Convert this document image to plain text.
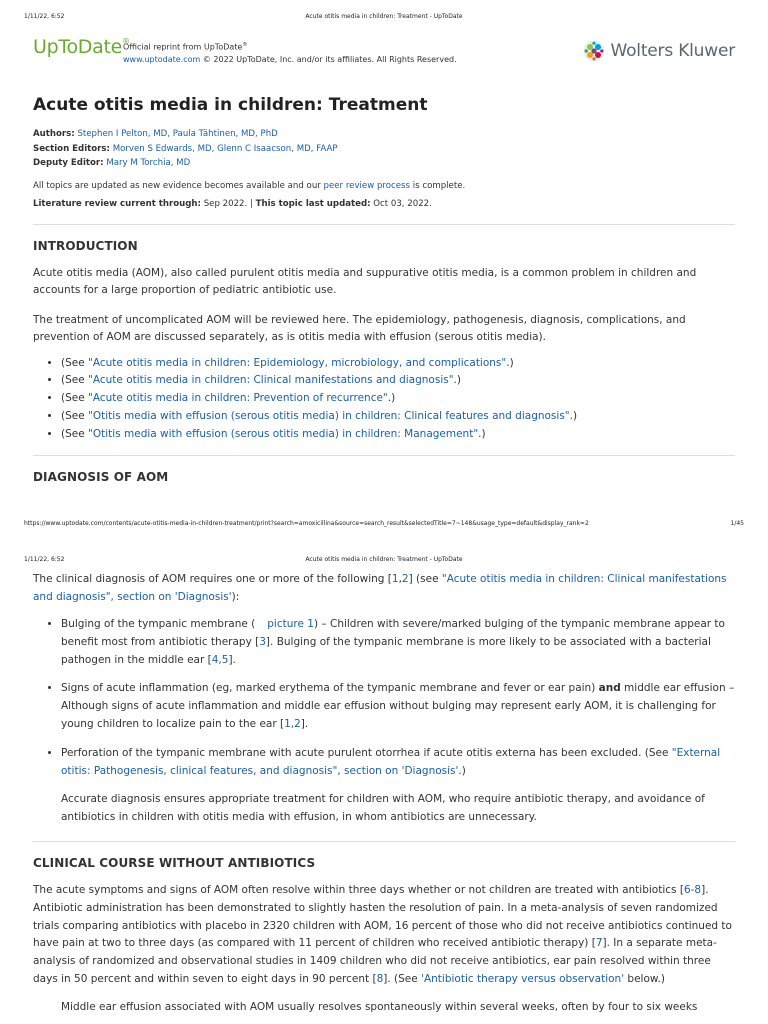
1/11/22, 6:52	Acute otitis media in children: Treatment - UpToDate
UpToDate®
Official reprint from UpToDate®
www.uptodate.com © 2022 UpToDate, Inc. and/or its affiliates. All Rights Reserved.	Wolters Kluwer
Acute otitis media in children: Treatment
Authors: Stephen I Pelton, MD, Paula Tähtinen, MD, PhD
Section Editors: Morven S Edwards, MD, Glenn C Isaacson, MD, FAAP
Deputy Editor: Mary M Torchia, MD
All topics are updated as new evidence becomes available and our peer review process is complete.
Literature review current through: Sep 2022. | This topic last updated: Oct 03, 2022.
INTRODUCTION

Acute otitis media (AOM), also called purulent otitis media and suppurative otitis media, is a common problem in children and accounts for a large proportion of pediatric antibiotic use.

The treatment of uncomplicated AOM will be reviewed here. The epidemiology, pathogenesis, diagnosis, complications, and prevention of AOM are discussed separately, as is otitis media with effusion (serous otitis media).

• (See "Acute otitis media in children: Epidemiology, microbiology, and complications".)
• (See "Acute otitis media in children: Clinical manifestations and diagnosis".)
• (See "Acute otitis media in children: Prevention of recurrence".)
• (See "Otitis media with effusion (serous otitis media) in children: Clinical features and diagnosis".)
• (See "Otitis media with effusion (serous otitis media) in children: Management".)
DIAGNOSIS OF AOM
https://www.uptodate.com/contents/acute-otitis-media-in-children-treatment/print?search=amoxicillina&source=search_result&selectedTitle=7~148&usage_type=default&display_rank=2	1/45
1/11/22, 6:52	Acute otitis media in children: Treatment - UpToDate

The clinical diagnosis of AOM requires one or more of the following [1,2] (see "Acute otitis media in children: Clinical manifestations and diagnosis", section on 'Diagnosis'):

• Bulging of the tympanic membrane ( picture 1) – Children with severe/marked bulging of the tympanic membrane appear to benefit most from antibiotic therapy [3]. Bulging of the tympanic membrane is more likely to be associated with a bacterial pathogen in the middle ear [4,5].
• Signs of acute inflammation (eg, marked erythema of the tympanic membrane and fever or ear pain) and middle ear effusion – Although signs of acute inflammation and middle ear effusion without bulging may represent early AOM, it is challenging for young children to localize pain to the ear [1,2].
• Perforation of the tympanic membrane with acute purulent otorrhea if acute otitis externa has been excluded. (See "External otitis: Pathogenesis, clinical features, and diagnosis", section on 'Diagnosis'.)
Accurate diagnosis ensures appropriate treatment for children with AOM, who require antibiotic therapy, and avoidance of antibiotics in children with otitis media with effusion, in whom antibiotics are unnecessary.
CLINICAL COURSE WITHOUT ANTIBIOTICS

The acute symptoms and signs of AOM often resolve within three days whether or not children are treated with antibiotics [6-8]. Antibiotic administration has been demonstrated to slightly hasten the resolution of pain. In a meta-analysis of seven randomized trials comparing antibiotics with placebo in 2320 children with AOM, 16 percent of those who did not receive antibiotics continued to have pain at two to three days (as compared with 11 percent of children who received antibiotic therapy) [7]. In a separate meta-analysis of randomized and observational studies in 1409 children who did not receive antibiotics, ear pain resolved within three days in 50 percent and within seven to eight days in 90 percent [8]. (See 'Antibiotic therapy versus observation' below.)

Middle ear effusion associated with AOM usually resolves spontaneously within several weeks, often by four to six weeks
